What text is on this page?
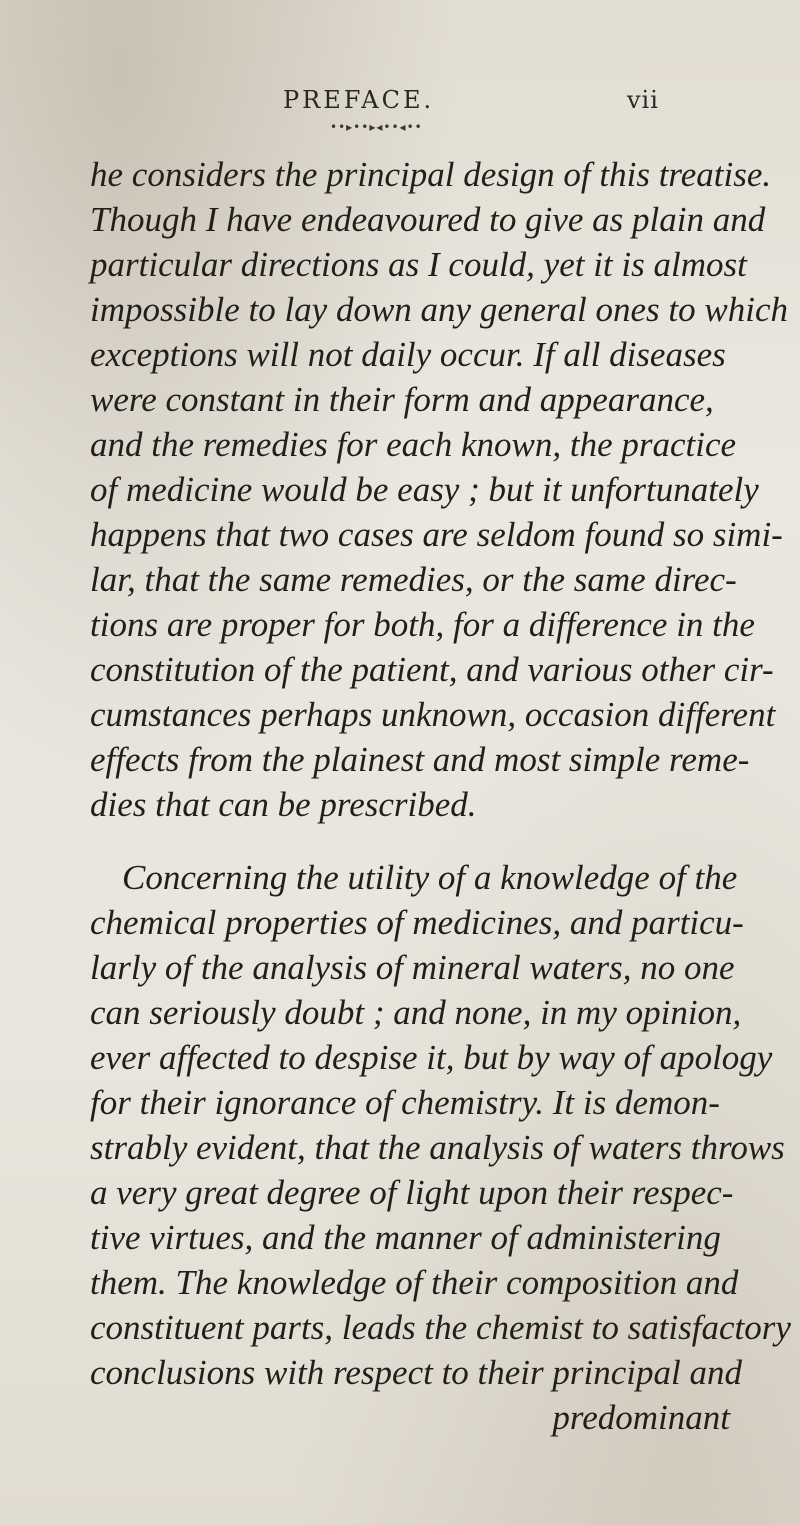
PREFACE.	vii
••▸••▸◂••◂••
he considers the principal design of this treatise.
Though I have endeavoured to give as plain and
particular directions as I could, yet it is almost
impossible to lay down any general ones to which
exceptions will not daily occur. If all diseases
were constant in their form and appearance,
and the remedies for each known, the practice
of medicine would be easy ; but it unfortunately
happens that two cases are seldom found so simi-
lar, that the same remedies, or the same direc-
tions are proper for both, for a difference in the
constitution of the patient, and various other cir-
cumstances perhaps unknown, occasion different
effects from the plainest and most simple reme-
dies that can be prescribed.
Concerning the utility of a knowledge of the
chemical properties of medicines, and particu-
larly of the analysis of mineral waters, no one
can seriously doubt ; and none, in my opinion,
ever affected to despise it, but by way of apology
for their ignorance of chemistry. It is demon-
strably evident, that the analysis of waters throws
a very great degree of light upon their respec-
tive virtues, and the manner of administering
them. The knowledge of their composition and
constituent parts, leads the chemist to satisfactory
conclusions with respect to their principal and
predominant
